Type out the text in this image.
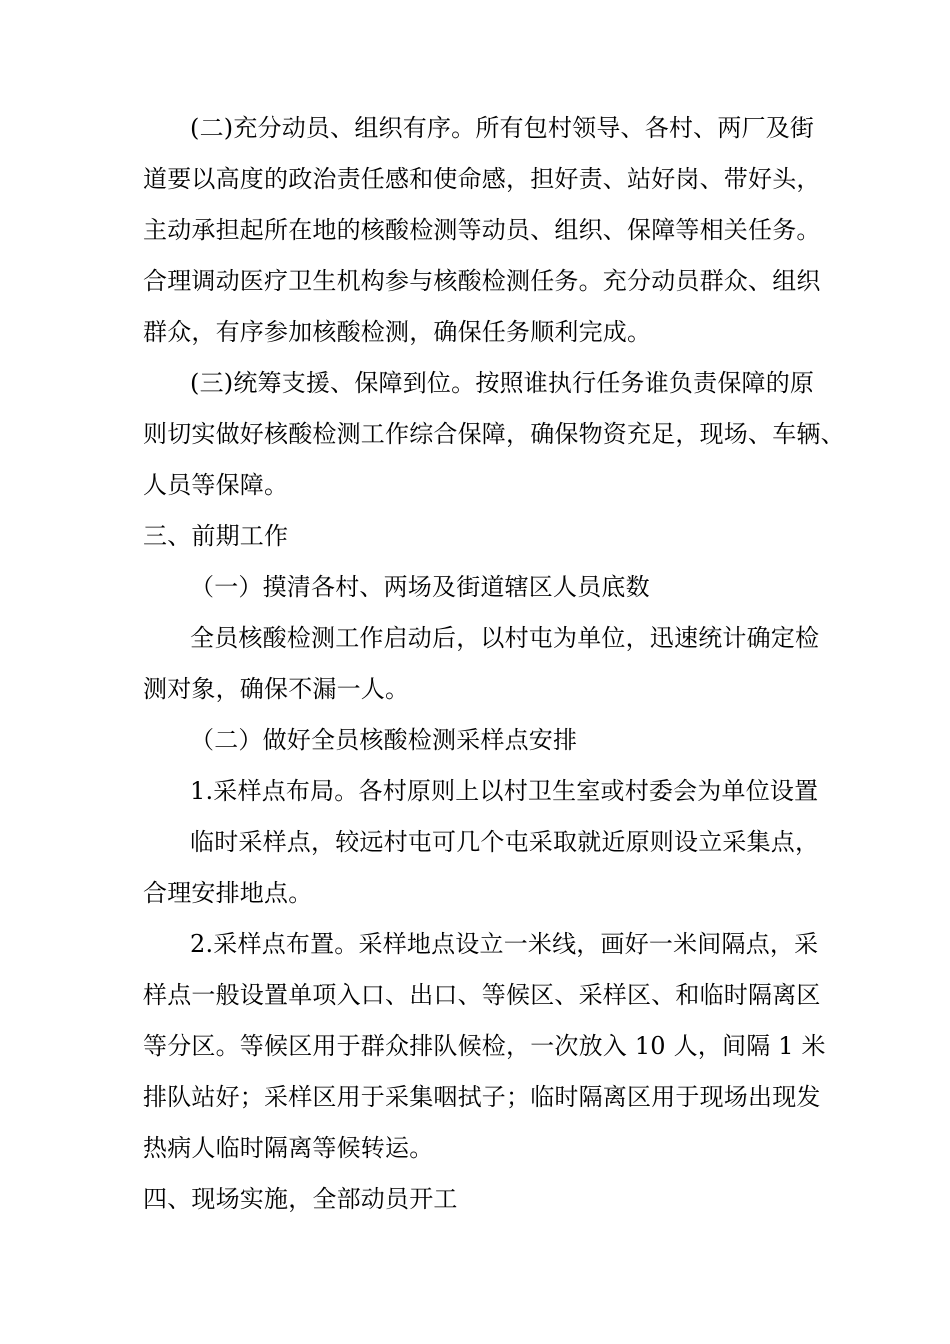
(二)充分动员、组织有序。所有包村领导、各村、两厂及街
道要以高度的政治责任感和使命感，担好责、站好岗、带好头，
主动承担起所在地的核酸检测等动员、组织、保障等相关任务。
合理调动医疗卫生机构参与核酸检测任务。充分动员群众、组织
群众，有序参加核酸检测，确保任务顺利完成。
(三)统筹支援、保障到位。按照谁执行任务谁负责保障的原
则切实做好核酸检测工作综合保障，确保物资充足，现场、车辆、
人员等保障。
三、前期工作
（一）摸清各村、两场及街道辖区人员底数
全员核酸检测工作启动后，以村屯为单位，迅速统计确定检
测对象，确保不漏一人。
（二）做好全员核酸检测采样点安排
1.采样点布局。各村原则上以村卫生室或村委会为单位设置
临时采样点，较远村屯可几个屯采取就近原则设立采集点，
合理安排地点。
2.采样点布置。采样地点设立一米线，画好一米间隔点，采
样点一般设置单项入口、出口、等候区、采样区、和临时隔离区
等分区。等候区用于群众排队候检，一次放入 10 人，间隔 1 米
排队站好；采样区用于采集咽拭子；临时隔离区用于现场出现发
热病人临时隔离等候转运。
四、现场实施，全部动员开工
